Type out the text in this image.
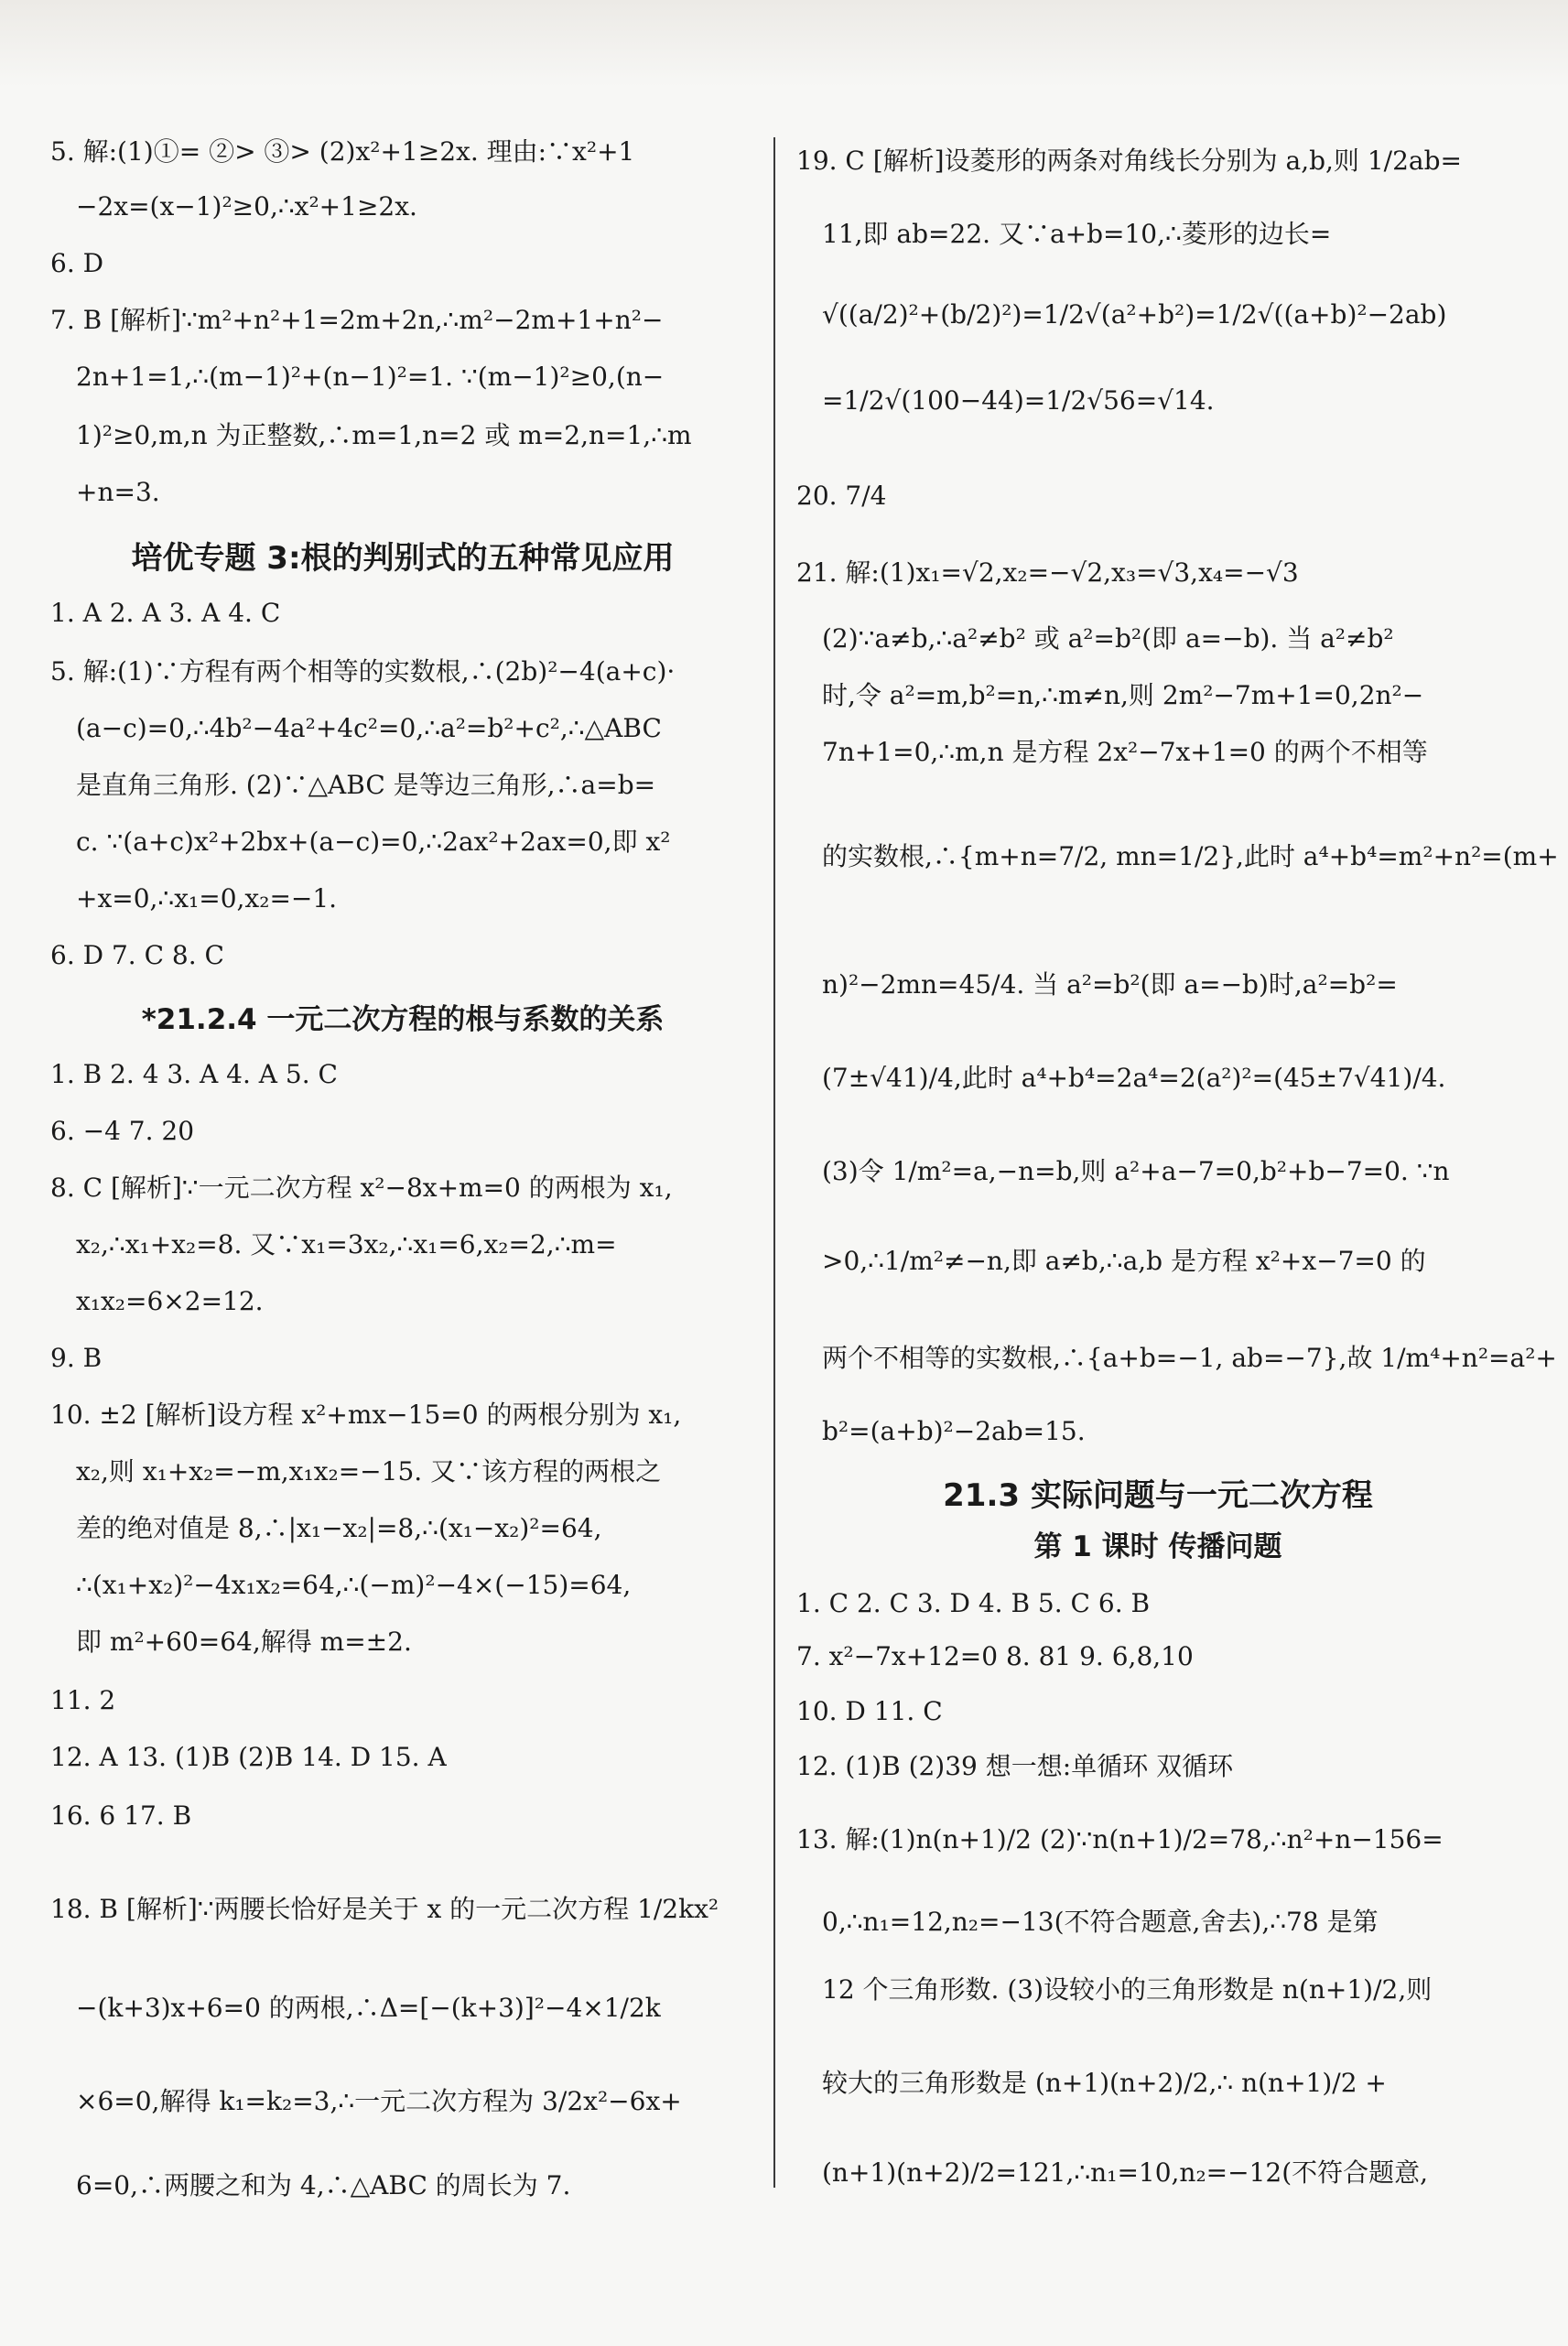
5. 解:(1)①= ②> ③> (2)x²+1≥2x. 理由:∵x²+1
−2x=(x−1)²≥0,∴x²+1≥2x.
6. D
7. B [解析]∵m²+n²+1=2m+2n,∴m²−2m+1+n²−
2n+1=1,∴(m−1)²+(n−1)²=1. ∵(m−1)²≥0,(n−
1)²≥0,m,n 为正整数,∴m=1,n=2 或 m=2,n=1,∴m
+n=3.
培优专题 3:根的判别式的五种常见应用
1. A 2. A 3. A 4. C
5. 解:(1)∵方程有两个相等的实数根,∴(2b)²−4(a+c)·
(a−c)=0,∴4b²−4a²+4c²=0,∴a²=b²+c²,∴△ABC
是直角三角形. (2)∵△ABC 是等边三角形,∴a=b=
c. ∵(a+c)x²+2bx+(a−c)=0,∴2ax²+2ax=0,即 x²
+x=0,∴x₁=0,x₂=−1.
6. D 7. C 8. C
*21.2.4 一元二次方程的根与系数的关系
1. B 2. 4 3. A 4. A 5. C
6. −4 7. 20
8. C [解析]∵一元二次方程 x²−8x+m=0 的两根为 x₁,
x₂,∴x₁+x₂=8. 又∵x₁=3x₂,∴x₁=6,x₂=2,∴m=
x₁x₂=6×2=12.
9. B
10. ±2 [解析]设方程 x²+mx−15=0 的两根分别为 x₁,
x₂,则 x₁+x₂=−m,x₁x₂=−15. 又∵该方程的两根之
差的绝对值是 8,∴|x₁−x₂|=8,∴(x₁−x₂)²=64,
∴(x₁+x₂)²−4x₁x₂=64,∴(−m)²−4×(−15)=64,
即 m²+60=64,解得 m=±2.
11. 2
12. A 13. (1)B (2)B 14. D 15. A
16. 6 17. B
18. B [解析]∵两腰长恰好是关于 x 的一元二次方程 1/2kx²
−(k+3)x+6=0 的两根,∴Δ=[−(k+3)]²−4×1/2k
×6=0,解得 k₁=k₂=3,∴一元二次方程为 3/2x²−6x+
6=0,∴两腰之和为 4,∴△ABC 的周长为 7.
19. C [解析]设菱形的两条对角线长分别为 a,b,则 1/2ab=
11,即 ab=22. 又∵a+b=10,∴菱形的边长=
√((a/2)²+(b/2)²)=1/2√(a²+b²)=1/2√((a+b)²−2ab)
=1/2√(100−44)=1/2√56=√14.
20. 7/4
21. 解:(1)x₁=√2,x₂=−√2,x₃=√3,x₄=−√3
(2)∵a≠b,∴a²≠b² 或 a²=b²(即 a=−b). 当 a²≠b²
时,令 a²=m,b²=n,∴m≠n,则 2m²−7m+1=0,2n²−
7n+1=0,∴m,n 是方程 2x²−7x+1=0 的两个不相等
的实数根,∴{m+n=7/2, mn=1/2},此时 a⁴+b⁴=m²+n²=(m+
n)²−2mn=45/4. 当 a²=b²(即 a=−b)时,a²=b²=
(7±√41)/4,此时 a⁴+b⁴=2a⁴=2(a²)²=(45±7√41)/4.
(3)令 1/m²=a,−n=b,则 a²+a−7=0,b²+b−7=0. ∵n
>0,∴1/m²≠−n,即 a≠b,∴a,b 是方程 x²+x−7=0 的
两个不相等的实数根,∴{a+b=−1, ab=−7},故 1/m⁴+n²=a²+
b²=(a+b)²−2ab=15.
21.3 实际问题与一元二次方程
第 1 课时 传播问题
1. C 2. C 3. D 4. B 5. C 6. B
7. x²−7x+12=0 8. 81 9. 6,8,10
10. D 11. C
12. (1)B (2)39 想一想:单循环 双循环
13. 解:(1)n(n+1)/2 (2)∵n(n+1)/2=78,∴n²+n−156=
0,∴n₁=12,n₂=−13(不符合题意,舍去),∴78 是第
12 个三角形数. (3)设较小的三角形数是 n(n+1)/2,则
较大的三角形数是 (n+1)(n+2)/2,∴ n(n+1)/2 +
(n+1)(n+2)/2=121,∴n₁=10,n₂=−12(不符合题意,
